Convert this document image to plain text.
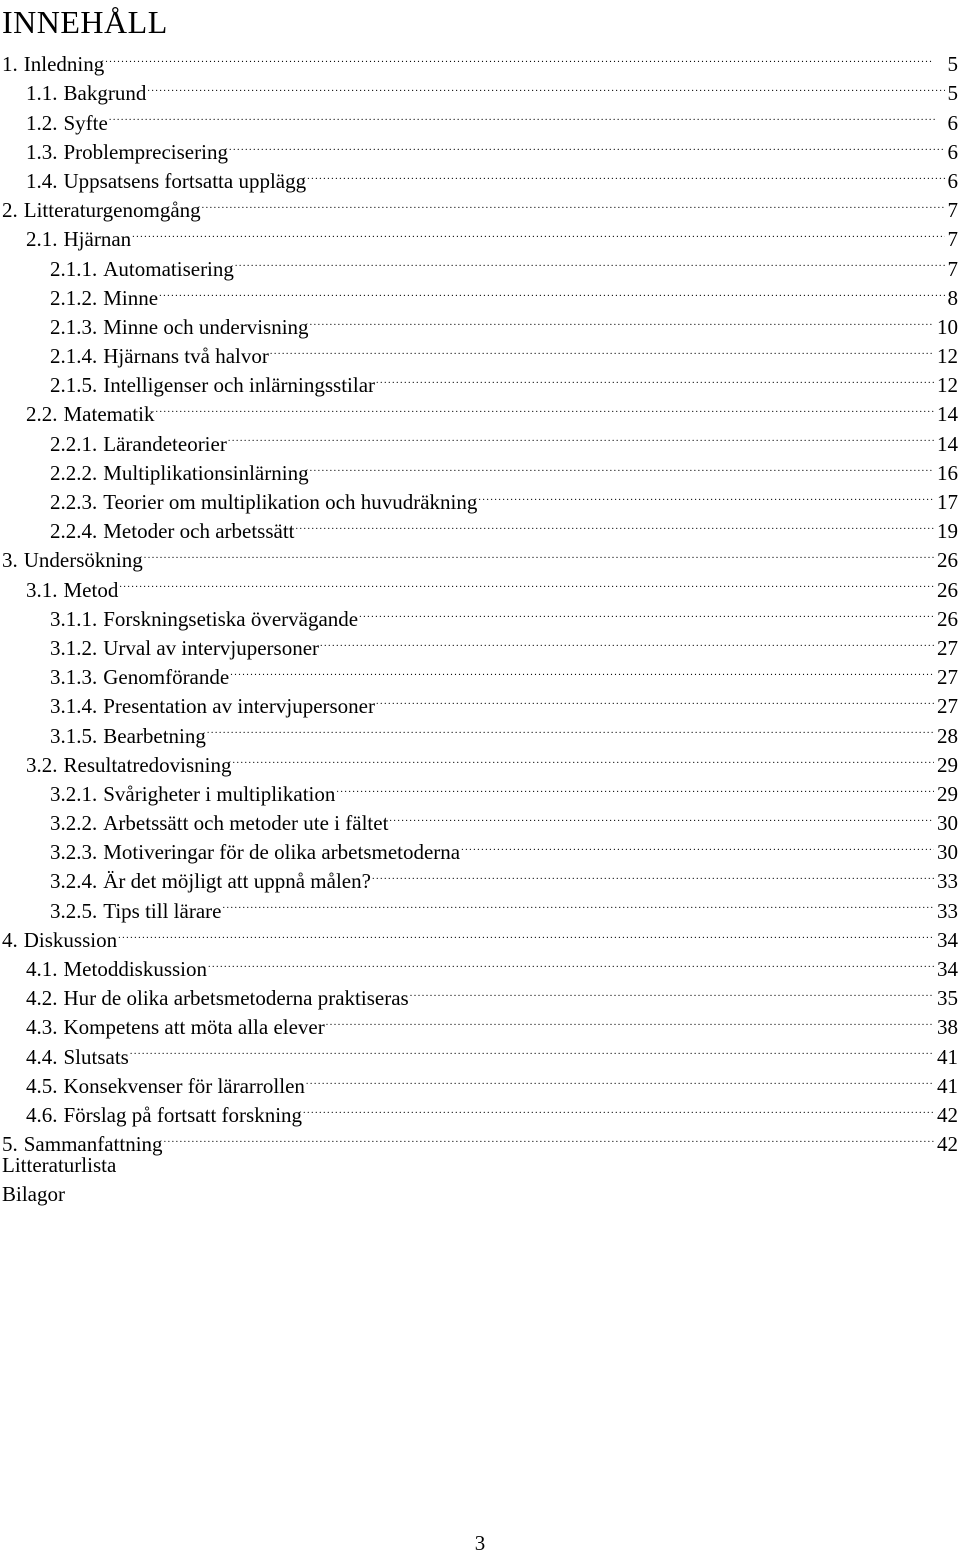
INNEHÅLL
1. Inledning . . .	5
1.1. Bakgrund . . .	5
1.2. Syfte . . .	6
1.3. Problemprecisering . . .	6
1.4. Uppsatsens fortsatta upplägg . . .	6
2. Litteraturgenomgång . . .	7
2.1. Hjärnan . . .	7
2.1.1. Automatisering . . .	7
2.1.2. Minne . . .	8
2.1.3. Minne och undervisning . . .	10
2.1.4. Hjärnans två halvor . . .	12
2.1.5. Intelligenser och inlärningsstilar . . .	12
2.2. Matematik . . .	14
2.2.1. Lärandeteorier . . .	14
2.2.2. Multiplikationsinlärning . . .	16
2.2.3. Teorier om multiplikation och huvudräkning . . .	17
2.2.4. Metoder och arbetssätt . . .	19
3. Undersökning . . .	26
3.1. Metod . . .	26
3.1.1. Forskningsetiska övervägande . . .	26
3.1.2. Urval av intervjupersoner . . .	27
3.1.3. Genomförande . . .	27
3.1.4. Presentation av intervjupersoner . . .	27
3.1.5. Bearbetning . . .	28
3.2. Resultatredovisning . . .	29
3.2.1. Svårigheter i multiplikation . . .	29
3.2.2. Arbetssätt och metoder ute i fältet . . .	30
3.2.3. Motiveringar för de olika arbetsmetoderna . . .	30
3.2.4. Är det möjligt att uppnå målen? . . .	33
3.2.5. Tips till lärare . . .	33
4. Diskussion . . .	34
4.1. Metoddiskussion . . .	34
4.2. Hur de olika arbetsmetoderna praktiseras . . .	35
4.3. Kompetens att möta alla elever . . .	38
4.4. Slutsats . . .	41
4.5. Konsekvenser för lärarrollen . . .	41
4.6. Förslag på fortsatt forskning . . .	42
5. Sammanfattning . . .	42
Litteraturlista
Bilagor
3
